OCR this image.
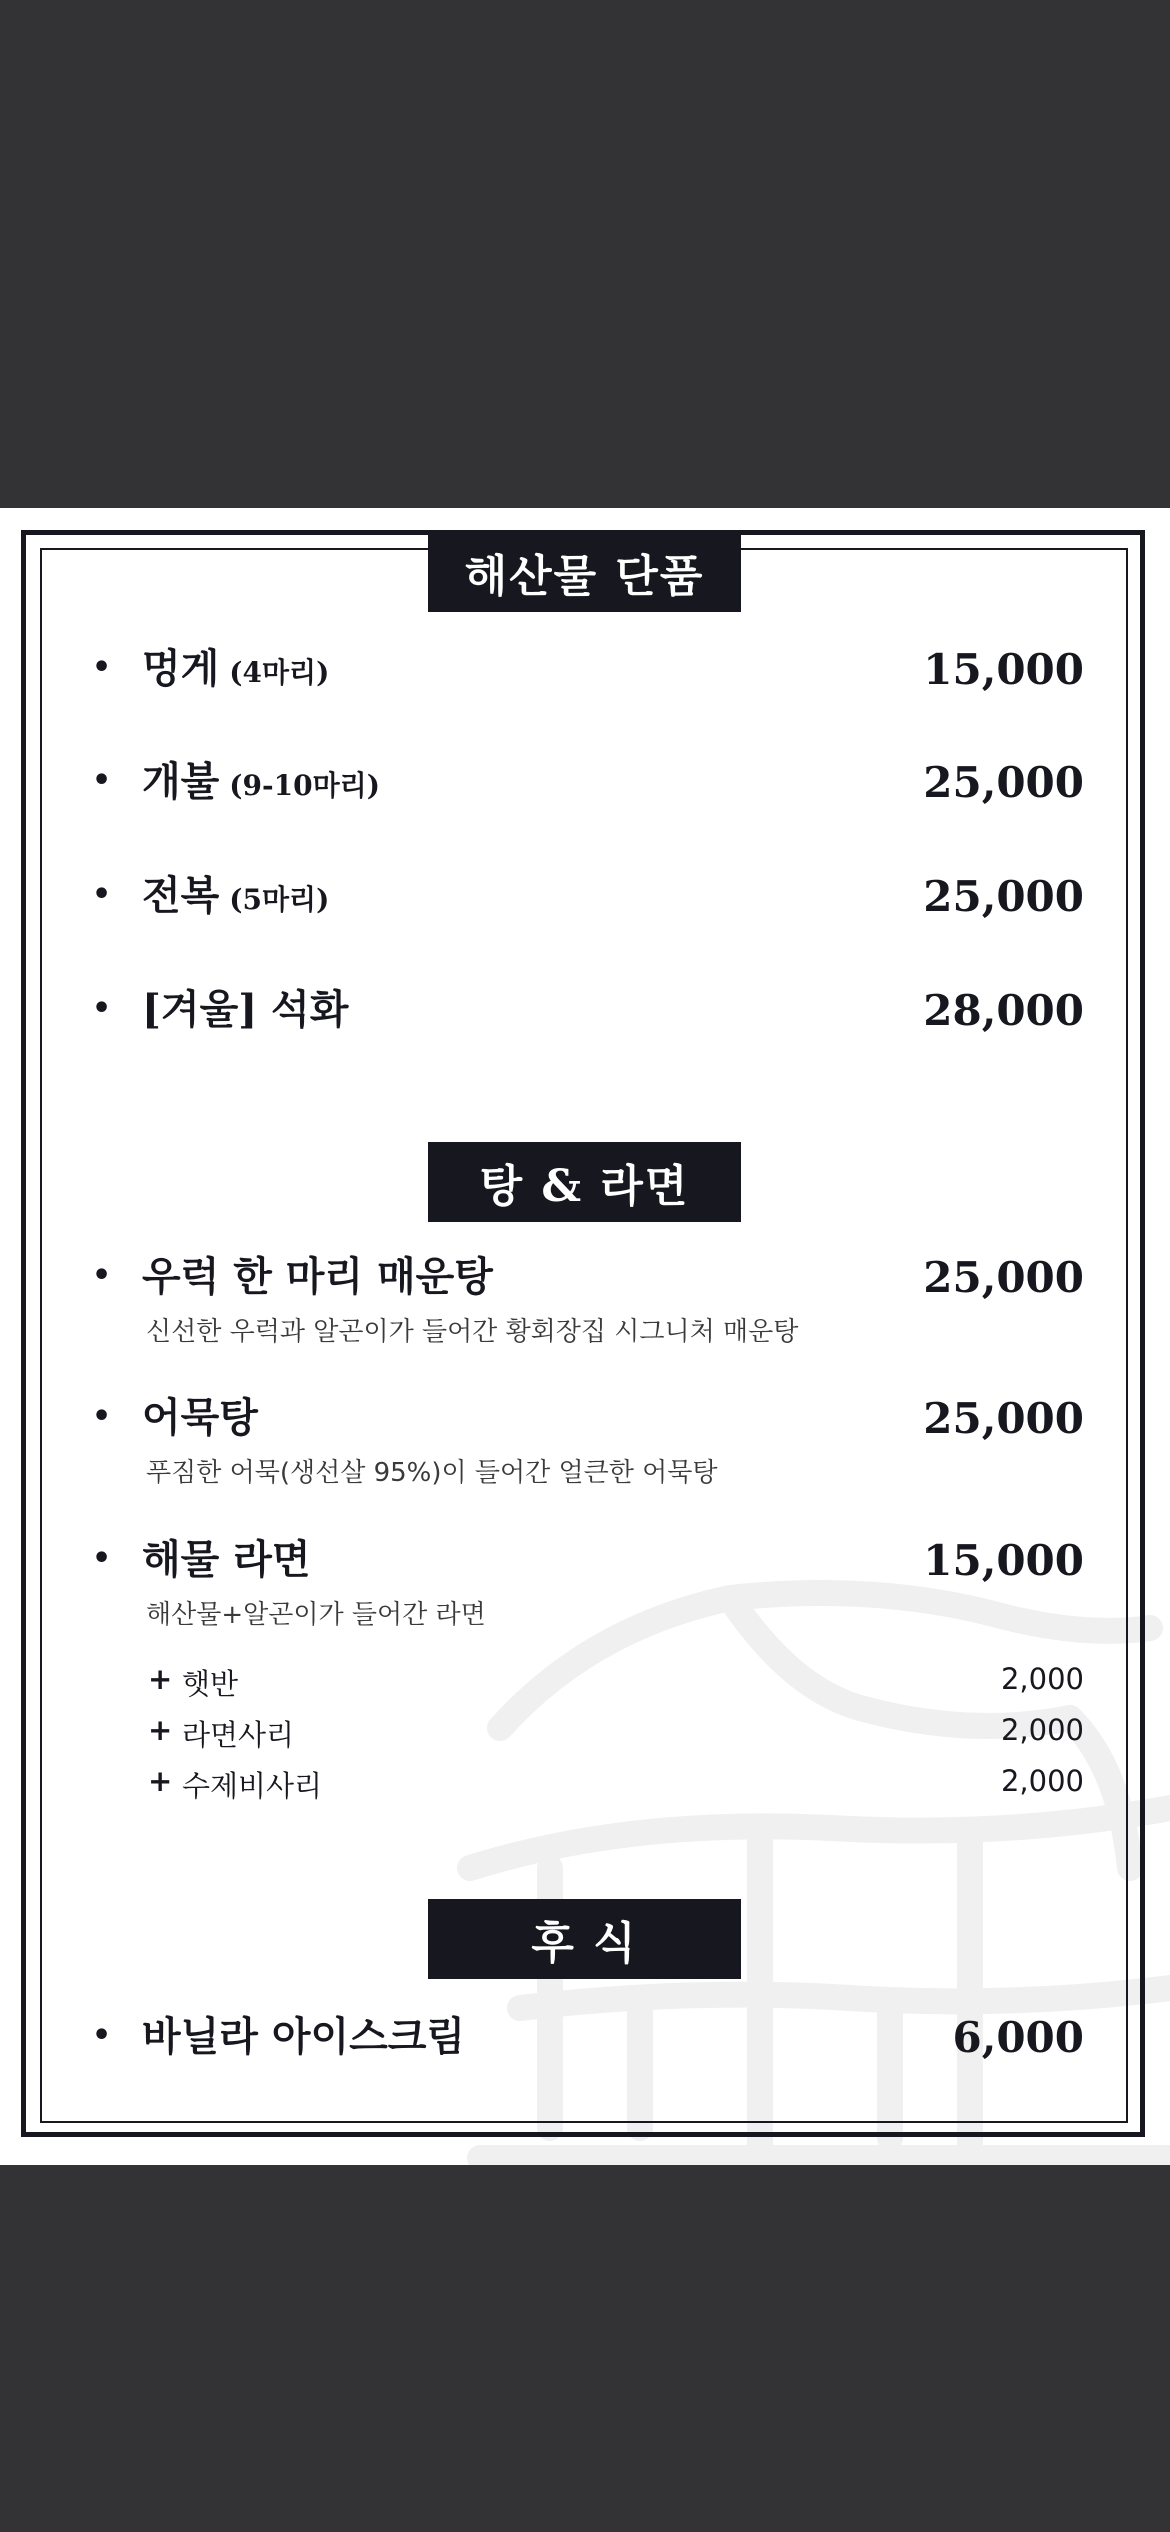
해산물 단품
• 멍게 (4마리)	15,000
• 개불 (9-10마리)	25,000
• 전복 (5마리)	25,000
• [겨울] 석화	28,000
탕 & 라면
• 우럭 한 마리 매운탕	25,000
신선한 우럭과 알곤이가 들어간 황회장집 시그니처 매운탕
• 어묵탕	25,000
푸짐한 어묵(생선살 95%)이 들어간 얼큰한 어묵탕
• 해물 라면	15,000
해산물+알곤이가 들어간 라면
+ 햇반	2,000
+ 라면사리	2,000
+ 수제비사리	2,000
후 식
• 바닐라 아이스크림	6,000
